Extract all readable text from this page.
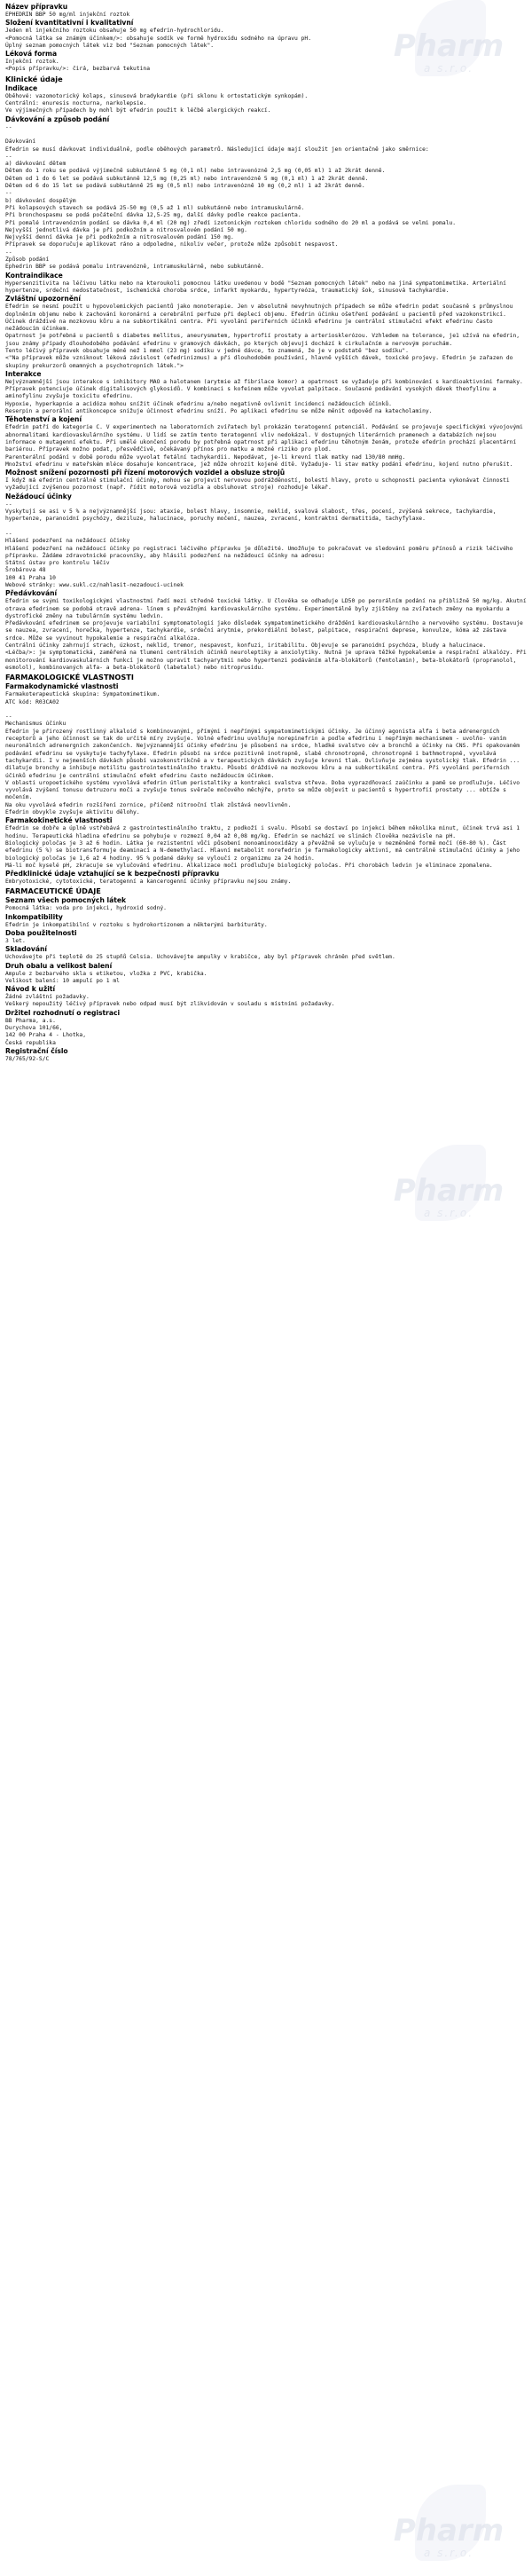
Pharm
a s.r.o.
Pharm
a s.r.o.
Pharm
a s.r.o.
Název přípravku
EPHEDRIN BBP 50 mg/ml injekční roztok
Složení kvantitativní i kvalitativní
Jeden ml injekčního roztoku obsahuje 50 mg efedrin-hydrochloridu.
<Pomocná látka se známým účinkem/>: obsahuje sodík ve formě hydroxidu sodného na úpravu pH.
Úplný seznam pomocných látek viz bod "Seznam pomocných látek".
Léková forma
Injekční roztok.
<Popis přípravku/>: čirá, bezbarvá tekutina
Klinické údaje
Indikace
Oběhové: vazomotorický kolaps, sinusová bradykardie (při sklonu k ortostatickým synkopám).
Centrální: enuresis nocturna, narkolepsie.
Ve výjimečných případech by mohl být efedrin použit k léčbě alergických reakcí.
Dávkování a způsob podání
--
Dávkování
Efedrin se musí dávkovat individuálně, podle oběhových parametrů. Následující údaje mají sloužit jen orientačně jako směrnice:
--
a) dávkování dětem
Dětem do 1 roku se podává výjimečně subkutánně 5 mg (0,1 ml) nebo intravenózně 2,5 mg (0,05 ml) 1 až 2krát denně.
Dětem od 1 do 6 let se podává subkutánně 12,5 mg (0,25 ml) nebo intravenózně 5 mg (0,1 ml) 1 až 2krát denně.
Dětem od 6 do 15 let se podává subkutánně 25 mg (0,5 ml) nebo intravenózně 10 mg (0,2 ml) 1 až 2krát denně.
--
b) dávkování dospělým
Při kolapsových stavech se podává 25-50 mg (0,5 až 1 ml) subkutánně nebo intramuskulárně.
Při bronchospasmu se podá počáteční dávka 12,5-25 mg, další dávky podle reakce pacienta.
Při pomalé intravenózním podání se dávka 0,4 ml (20 mg) zředí izotonickým roztokem chloridu sodného do 20 ml a podává se velmi pomalu.
Nejvyšší jednotlivá dávka je při podkožním a nitrosvalovém podání 50 mg.
Nejvyšší denní dávka je při podkožním a nitrosvalovém podání 150 mg.
Přípravek se doporučuje aplikovat ráno a odpoledne, nikoliv večer, protože může způsobit nespavost.
--
Způsob podání
Ephedrin BBP se podává pomalu intravenózně, intramuskulárně, nebo subkutánně.
Kontraindikace
Hypersenzitivita na léčivou látku nebo na kteroukoli pomocnou látku uvedenou v bodě "Seznam pomocných látek" nebo na jiná sympatomimetika. Arteriální hypertenze, srdeční nedostatečnost, ischemická choroba srdce, infarkt myokardu, hypertyreóza, traumatický šok, sinusová tachykardie.
Zvláštní upozornění
Efedrin se nesmí použít u hypovolemických pacientů jako monoterapie. Jen v absolutně nevyhnutných případech se může efedrin podat současně s průmyslnou doplněním objemu nebo k zachování koronární a cerebrální perfuze při deplecí objemu. Efedrin účinku ošetření podávání u pacientů před vazokonstrikcí. Účinek dráždivé na mozkovou kůru a na subkortikální centra. Při vyvolání periferních účinků efedrinu je centrální stimulační efekt efedrinu často nežádoucím účinkem.
Opatrnost je potřebná u pacientů s diabetes mellitus, aneurysmatem, hypertrofií prostaty a arteriosklerózou. Vzhledem na tolerance, je1 užívá na efedrin, jsou známy případy dlouhodobého podávání efedrinu v gramových dávkách, po kterých objevují dochází k cirkulačním a nervovým poruchám.
Tento léčivý přípravek obsahuje méně než 1 mmol (23 mg) sodíku v jedné dávce, to znamená, že je v podstatě "bez sodíku".
<"Na přípravek může vzniknout léková závislost (efedrinizmus) a při dlouhodobém používání, hlavně vyšších dávek, toxické projevy. Efedrin je zařazen do skupiny prekurzorů omamných a psychotropních látek.">
Interakce
Nejvýznamnější jsou interakce s inhibitory MAO a halotanem (arytmie až fibrilace komor) a opatrnost se vyžaduje při kombinování s kardioaktivními farmaky. Přípravek potenciuje účinek digitalisových glykosidů. V kombinaci s kofeinem může vyvolat palpitace. Současné podávání vysokých dávek theofylinu a aminofylinu zvyšuje toxicitu efedrinu.
Hypoxie, hyperkapnie a acidóza mohou snížit účinek efedrinu a/nebo negativně ovlivnit incidenci nežádoucích účinků.
Reserpin a perorální antikoncepce snižuje účinnost efedrinu sníží. Po aplikaci efedrinu se může měnit odpověď na katecholaminy.
Těhotenství a kojení
Efedrin patří do kategorie C. V experimentech na laboratorních zvířatech byl prokázán teratogenní potenciál. Podávání se projevuje specifickými vývojovými abnormalitami kardiovaskulárního systému. U lidí se zatím tento teratogenní vliv nedokázal. V dostupných literárních pramenech a databázích nejsou informace o mutagenní efektu. Při umělé ukončení porodu by potřebná opatrnost při aplikaci efedrinu těhotným ženám, protože efedrin prochází placentární bariérou. Přípravek možno podat, přesvědčivě, očekávaný přínos pro matku a možné riziko pro plod.
Parenterální podání v době porodu může vyvolat fetální tachykardii. Nepodávat, je-li krevní tlak matky nad 130/80 mmHg.
Množství efedrinu v mateřském mléce dosahuje koncentrace, jež může ohrozit kojené dítě. Vyžaduje- li stav matky podání efedrinu, kojení nutno přerušit.
Možnost snížení pozornosti při řízení motorových vozidel a obsluze strojů
I když má efedrin centrálně stimulační účinky, mohou se projevit nervovou podrážděností, bolestí hlavy, proto u schopnosti pacienta vykonávat činnosti vyžadující zvýšenou pozornost (např. řídit motorová vozidla a obsluhovat stroje) rozhoduje lékař.
Nežádoucí účinky
--
Vyskytují se asi v 5 % a nejvýznamnější jsou: ataxie, bolest hlavy, insomnie, neklid, svalová slabost, třes, pocení, zvýšená sekrece, tachykardie, hypertenze, paranoidní psychózy, deziluze, halucinace, poruchy močení, nauzea, zvracení, kontraktní dermatitida, tachyfylaxe.
--
Hlášení podezření na nežádoucí účinky
Hlášení podezření na nežádoucí účinky po registraci léčivého přípravku je důležité. Umožňuje to pokračovat ve sledování poměru přínosů a rizik léčivého přípravku. Žádáme zdravotnické pracovníky, aby hlásili podezření na nežádoucí účinky na adresu:
Státní ústav pro kontrolu léčiv
Šrobárova 48
100 41 Praha 10
Webové stránky: www.sukl.cz/nahlasit-nezadouci-ucinek
Předávkování
Efedrin se svými toxikologickými vlastnostmi řadí mezi středně toxické látky. U člověka se odhaduje LD50 po perorálním podání na přibližně 50 mg/kg. Akutní otrava efedrinem se podobá otravě adrena- línem s převážnými kardiovaskulárního systému. Experimentálně byly zjištěny na zvířatech změny na myokardu a dystrofické změny na tubulárním systému ledvin.
Předávkování efedrinem se projevuje variabilní symptomatologií jako důsledek sympatomimetického dráždění kardiovaskulárního a nervového systému. Dostavuje se nauzea, zvracení, horečka, hypertenze, tachykardie, srdeční arytmie, prekordiální bolest, palpitace, respirační deprese, konvulze, kóma až zástava srdce. Může se vyvinout hypokalemie a respirační alkalóza.
Centrální účinky zahrnují strach, úzkost, neklid, tremor, nespavost, konfuzi, iritabilitu. Objevuje se paranoidní psychóza, bludy a halucinace.
<Léčba/>: je symptomatická, zaměřená na tlumení centrálních účinků neuroleptiky a anxiolytiky. Nutná je upravа těžké hypokalemie a respirační alkalózy. Při monitorování kardiovaskulárních funkcí je možno upravit tachyarytmii nebo hypertenzi podáváním alfa-blokátorů (fentolamin), beta-blokátorů (propranolol, esmolol), kombinovaných alfa- a beta-blokátorů (labetalol) nebo nitroprusidu.
FARMAKOLOGICKÉ VLASTNOSTI
Farmakodynamické vlastnosti
Farmakoterapeutická skupina: Sympatomimetikum.
ATC kód: R03CA02
--
Mechanismus účinku
Efedrin je přirozený rostlinný alkaloid s kombinovanými, přímými i nepřímými sympatomimetickými účinky. Je účinný agonista alfa i beta adrenergních receptorů a jeho účinnost se tak do určité míry zvyšuje. Volné efedrinu uvolňuje norepinefrin a podle efedrinu i nepřímým mechanismem - uvolňo- vaním neuronálních adrenergních zakončeních. Nejvýznamnější účinky efedrinu je působení na srdce, hladké svalstvo cév a bronchů a účinky na CNS. Při opakovaném podávání efedrinu se vyskytuje tachyfylaxe. Efedrin působí na srdce pozitivně inotropně, slabě chronotropně, chronotropně i bathmotropně, vyvolává tachykardii. I v nejmenších dávkách působí vazokonstrikčně a v terapeutických dávkách zvyšuje krevní tlak. Ovlivňuje zejména systolický tlak. Efedrin ... dilatuje bronchy a inhibuje motilitu gastrointestinálního traktu. Působí dráždivě na mozkovou kůru a na subkortikální centra. Při vyvolání periferních účinků efedrinu je centrální stimulační efekt efedrinu často nežádoucím účinkem.
V oblasti uropoetického systému vyvolává efedrin útlum peristaltiky a kontrakci svalstva střeva. Doba vyprazdňovací zaúčinku a pamě se prodlužuje. Léčivo vyvolává zvýšení tonusu detruzoru moči a zvyšuje tonus svěrače močového měchýře, proto se může objevit u pacientů s hypertrofií prostaty ... obtíže s močením.
Na oku vyvolává efedrin rozšíření zornice, přičemž nitrooční tlak zůstává neovlivněn.
Efedrin obvykle zvyšuje aktivitu dělohy.
Farmakokinetické vlastnosti
Efedrin se dobře a úplně vstřebává z gastrointestinálního traktu, z podkoží i svalu. Působí se dostaví po injekci během několika minut, účinek trvá asi 1 hodinu. Terapeutická hladina efedrinu se pohybuje v rozmezí 0,04 až 0,08 mg/kg. Efedrin se nachází ve slinách člověka nezávisle na pH.
Biologický poločas je 3 až 6 hodin. Látka je rezistentní vůči působení monoaminooxidázy a převážně se vylučuje v nezměněné formě močí (60-80 %). Část efedrinu (5 %) se biotransformuje deaminací a N-demethylací. Hlavní metabolit norefedrin je farmakologicky aktivní, má centrálně stimulační účinky a jeho biologický poločas je 1,6 až 4 hodiny. 95 % podané dávky se vyloučí z organizmu za 24 hodin.
Má-li moč kyselé pH, zkracuje se vylučování efedrinu. Alkalizace moči prodlužuje biologický poločas. Při chorobách ledvin je eliminace zpomalena.
Předklinické údaje vztahující se k bezpečnosti přípravku
Embryotoxické, cytotoxické, teratogenní a kancerogenní účinky přípravku nejsou známy.
FARMACEUTICKÉ ÚDAJE
Seznam všech pomocných látek
Pomocná látka: voda pro injekci, hydroxid sodný.
Inkompatibility
Efedrin je inkompatibilní v roztoku s hydrokortizonem a některými barbituráty.
Doba použitelnosti
3 let.
Skladování
Uchovávejte při teplotě do 25 stupňů Celsia. Uchovávejte ampulky v krabičce, aby byl přípravek chráněn před světlem.
Druh obalu a velikost balení
Ampule z bezbarvého skla s etiketou, vložka z PVC, krabička.
Velikost balení: 10 ampulí po 1 ml
Návod k užití
Žádné zvláštní požadavky.
Veškerý nepoužitý léčivý přípravek nebo odpad musí být zlikvidován v souladu s místními požadavky.
Držitel rozhodnutí o registraci
BB Pharma, a.s.
Durychova 101/66,
142 00 Praha 4 - Lhotka,
Česká republika
Registrační číslo
78/765/92-S/C
